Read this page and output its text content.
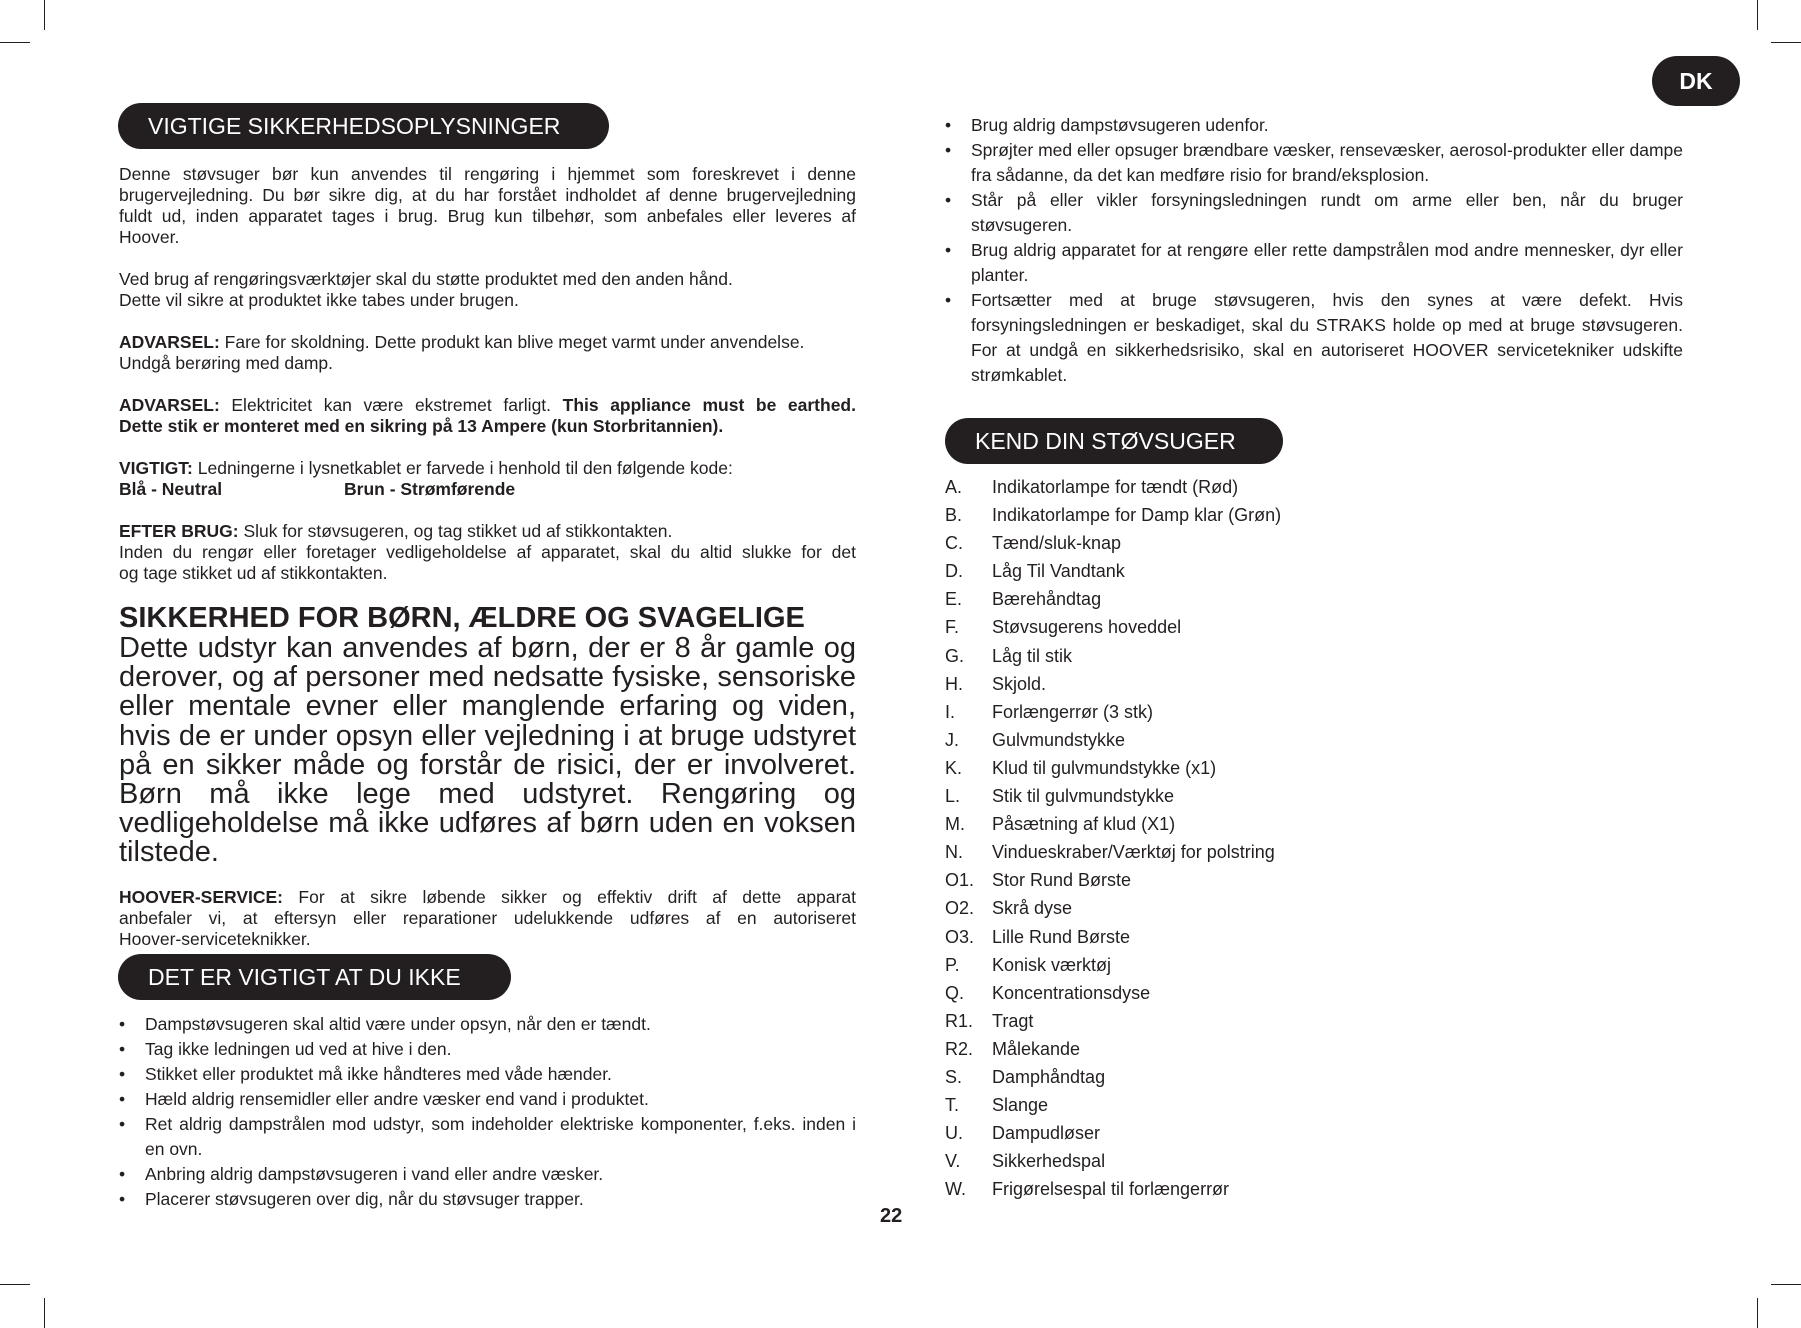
DK
VIGTIGE SIKKERHEDSOPLYSNINGER

Denne støvsuger bør kun anvendes til rengøring i hjemmet som foreskrevet i denne
brugervejledning. Du bør sikre dig, at du har forstået indholdet af denne brugervejledning
fuldt ud, inden apparatet tages i brug. Brug kun tilbehør, som anbefales eller leveres af
Hoover.

Ved brug af rengøringsværktøjer skal du støtte produktet med den anden hånd.
Dette vil sikre at produktet ikke tabes under brugen.

ADVARSEL: Fare for skoldning. Dette produkt kan blive meget varmt under anvendelse.
Undgå berøring med damp.

ADVARSEL: Elektricitet kan være ekstremet farligt. This appliance must be earthed.
Dette stik er monteret med en sikring på 13 Ampere (kun Storbritannien).

VIGTIGT: Ledningerne i lysnetkablet er farvede i henhold til den følgende kode:
Blå - Neutral	Brun - Strømførende

EFTER BRUG: Sluk for støvsugeren, og tag stikket ud af stikkontakten.
Inden du rengør eller foretager vedligeholdelse af apparatet, skal du altid slukke for det
og tage stikket ud af stikkontakten.

SIKKERHED FOR BØRN, ÆLDRE OG SVAGELIGE

Dette udstyr kan anvendes af børn, der er 8 år gamle og derover, og af personer med nedsatte fysiske, sensoriske eller mentale evner eller manglende erfaring og viden, hvis de er under opsyn eller vejledning i at bruge udstyret på en sikker måde og forstår de risici, der er involveret. Børn må ikke lege med udstyret. Rengøring og vedligeholdelse må ikke udføres af børn uden en voksen tilstede.

HOOVER-SERVICE: For at sikre løbende sikker og effektiv drift af dette apparat
anbefaler vi, at eftersyn eller reparationer udelukkende udføres af en autoriseret
Hoover-serviceteknikker.

DET ER VIGTIGT AT DU IKKE

• Dampstøvsugeren skal altid være under opsyn, når den er tændt.

• Tag ikke ledningen ud ved at hive i den.

• Stikket eller produktet må ikke håndteres med våde hænder.

• Hæld aldrig rensemidler eller andre væsker end vand i produktet.

• Ret aldrig dampstrålen mod udstyr, som indeholder elektriske komponenter, f.eks. inden i en ovn.

• Anbring aldrig dampstøvsugeren i vand eller andre væsker.

• Placerer støvsugeren over dig, når du støvsuger trapper.

• Brug aldrig dampstøvsugeren udenfor.

• Sprøjter med eller opsuger brændbare væsker, rensevæsker, aerosol-produkter eller dampe fra sådanne, da det kan medføre risio for brand/eksplosion.

• Står på eller vikler forsyningsledningen rundt om arme eller ben, når du bruger støvsugeren.

• Brug aldrig apparatet for at rengøre eller rette dampstrålen mod andre mennesker, dyr eller planter.

• Fortsætter med at bruge støvsugeren, hvis den synes at være defekt. Hvis forsyningsledningen er beskadiget, skal du STRAKS holde op med at bruge støvsugeren. For at undgå en sikkerhedsrisiko, skal en autoriseret HOOVER servicetekniker udskifte strømkablet.

KEND DIN STØVSUGER
A. Indikatorlampe for tændt (Rød)
B. Indikatorlampe for Damp klar (Grøn)
C. Tænd/sluk-knap
D. Låg Til Vandtank
E. Bærehåndtag
F. Støvsugerens hoveddel
G. Låg til stik
H. Skjold.
I. Forlængerrør (3 stk)
J. Gulvmundstykke
K. Klud til gulvmundstykke (x1)
L. Stik til gulvmundstykke
M. Påsætning af klud (X1)
N. Vindueskraber/Værktøj for polstring
O1. Stor Rund Børste
O2. Skrå dyse
O3. Lille Rund Børste
P. Konisk værktøj
Q. Koncentrationsdyse
R1. Tragt
R2. Målekande
S. Damphåndtag
T. Slange
U. Dampudløser
V. Sikkerhedspal
W. Frigørelsespal til forlængerrør
22
